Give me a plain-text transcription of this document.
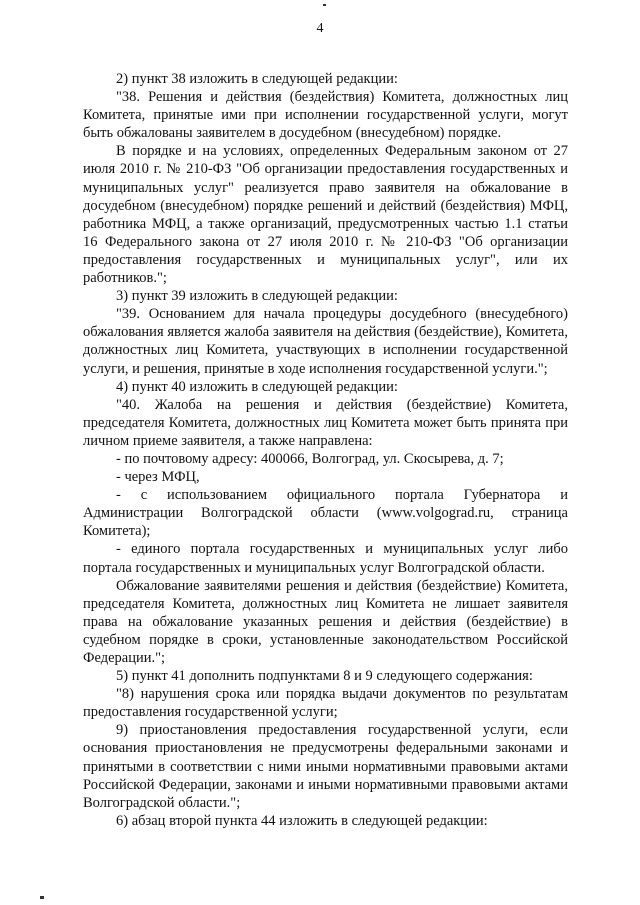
4

2) пункт 38 изложить в следующей редакции:

"38. Решения и действия (бездействия) Комитета, должностных лиц Комитета, принятые ими при исполнении государственной услуги, могут быть обжалованы заявителем в досудебном (внесудебном) порядке.

В порядке и на условиях, определенных Федеральным законом от 27 июля 2010 г. № 210-ФЗ "Об организации предоставления государственных и муниципальных услуг" реализуется право заявителя на обжалование в досудебном (внесудебном) порядке решений и действий (бездействия) МФЦ, работника МФЦ, а также организаций, предусмотренных частью 1.1 статьи 16 Федерального закона от 27 июля 2010 г. № 210-ФЗ "Об организации предоставления государственных и муниципальных услуг", или их работников.";

3) пункт 39 изложить в следующей редакции:

"39. Основанием для начала процедуры досудебного (внесудебного) обжалования является жалоба заявителя на действия (бездействие), Комитета, должностных лиц Комитета, участвующих в исполнении государственной услуги, и решения, принятые в ходе исполнения государственной услуги.";

4) пункт 40 изложить в следующей редакции:

"40. Жалоба на решения и действия (бездействие) Комитета, председателя Комитета, должностных лиц Комитета может быть принята при личном приеме заявителя, а также направлена:

- по почтовому адресу: 400066, Волгоград, ул. Скосырева, д. 7;

- через МФЦ,

- с использованием официального портала Губернатора и Администрации Волгоградской области (www.volgograd.ru, страница Комитета);

- единого портала государственных и муниципальных услуг либо портала государственных и муниципальных услуг Волгоградской области.

Обжалование заявителями решения и действия (бездействие) Комитета, председателя Комитета, должностных лиц Комитета не лишает заявителя права на обжалование указанных решения и действия (бездействие) в судебном порядке в сроки, установленные законодательством Российской Федерации.";

5) пункт 41 дополнить подпунктами 8 и 9 следующего содержания:

"8) нарушения срока или порядка выдачи документов по результатам предоставления государственной услуги;

9) приостановления предоставления государственной услуги, если основания приостановления не предусмотрены федеральными законами и принятыми в соответствии с ними иными нормативными правовыми актами Российской Федерации, законами и иными нормативными правовыми актами Волгоградской области.";

6) абзац второй пункта 44 изложить в следующей редакции:
